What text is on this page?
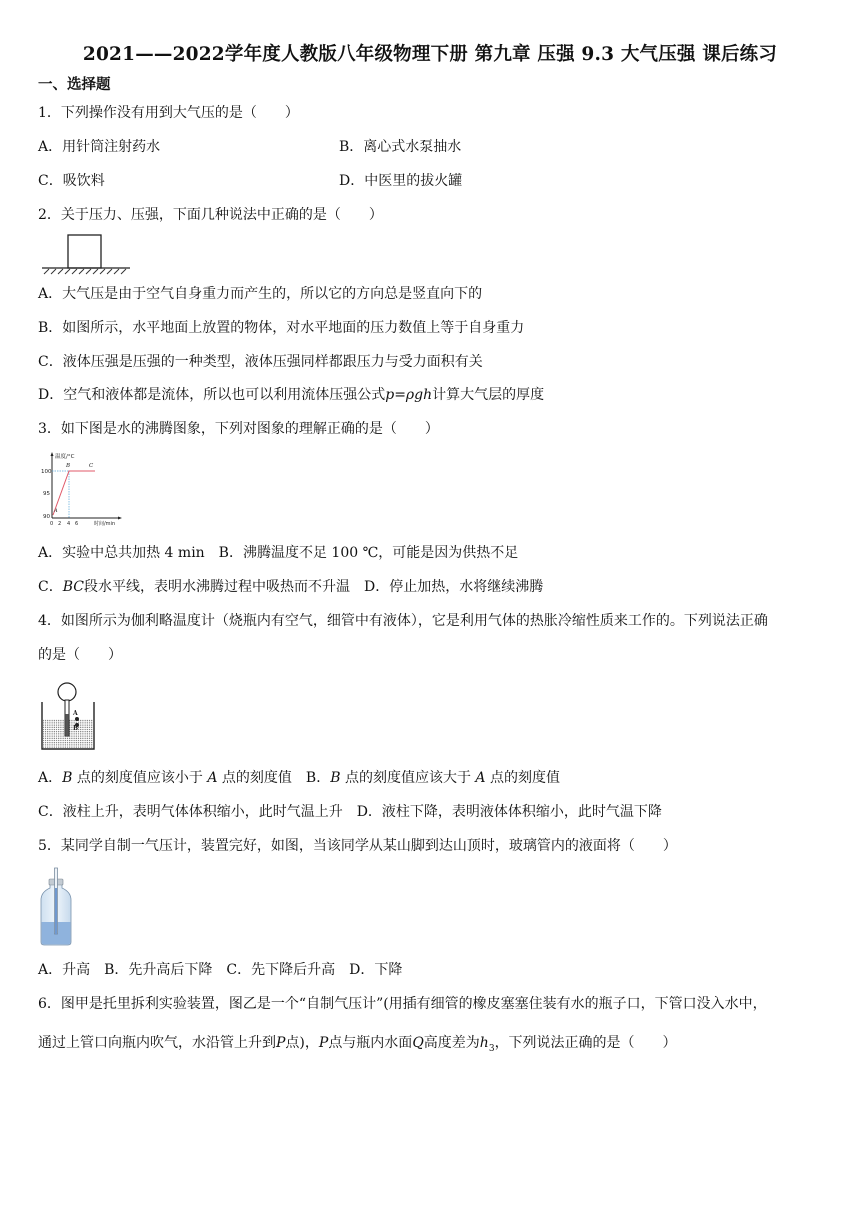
2021——2022学年度人教版八年级物理下册 第九章 压强 9.3 大气压强 课后练习
一、选择题
1．下列操作没有用到大气压的是（　　）
A．用针筒注射药水	B．离心式水泵抽水
C．吸饮料	D．中医里的拔火罐
2．关于压力、压强，下面几种说法中正确的是（　　）
A．大气压是由于空气自身重力而产生的，所以它的方向总是竖直向下的
B．如图所示，水平地面上放置的物体，对水平地面的压力数值上等于自身重力
C．液体压强是压强的一种类型，液体压强同样都跟压力与受力面积有关
D．空气和液体都是流体，所以也可以利用流体压强公式p=ρgh计算大气层的厚度
3．如下图是水的沸腾图象，下列对图象的理解正确的是（　　）
温度/°C
100
95
90
A
B	C
0 2 4 6	时间/min
A．实验中总共加热 4 min　B．沸腾温度不足 100 ℃，可能是因为供热不足
C．BC段水平线，表明水沸腾过程中吸热而不升温　D．停止加热，水将继续沸腾
4．如图所示为伽利略温度计（烧瓶内有空气，细管中有液体），它是利用气体的热胀冷缩性质来工作的。下列说法正确
的是（　　）
A
B
A．B 点的刻度值应该小于 A 点的刻度值 B．B 点的刻度值应该大于 A 点的刻度值
C．液柱上升，表明气体体积缩小，此时气温上升　D．液柱下降，表明液体体积缩小，此时气温下降
5．某同学自制一气压计，装置完好，如图，当该同学从某山脚到达山顶时，玻璃管内的液面将（　　）
A．升高　B．先升高后下降　C．先下降后升高　D．下降
6．图甲是托里拆利实验装置，图乙是一个“自制气压计”(用插有细管的橡皮塞塞住装有水的瓶子口，下管口没入水中，
通过上管口向瓶内吹气，水沿管上升到P点)，P点与瓶内水面Q高度差为$h_3$，下列说法正确的是（　　）
